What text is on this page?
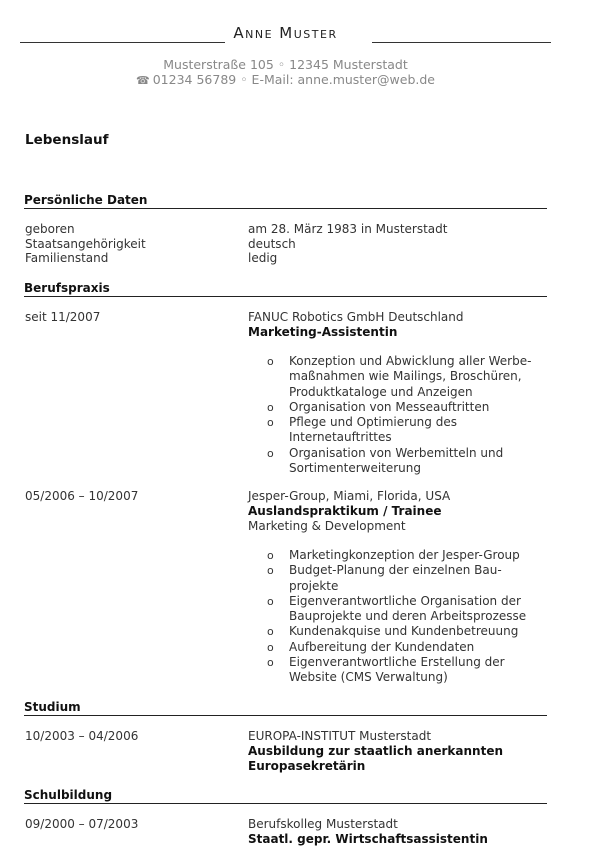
Anne Muster
Musterstraße 105 ◦ 12345 Musterstadt
☎ 01234 56789 ◦ E-Mail: anne.muster@web.de
Lebenslauf
Persönliche Daten
geboren	am 28. März 1983 in Musterstadt
Staatsangehörigkeit	deutsch
Familienstand	ledig
Berufspraxis
seit 11/2007	FANUC Robotics GmbH Deutschland
Marketing-Assistentin
o Konzeption und Abwicklung aller Werbe-
maßnahmen wie Mailings, Broschüren,
Produktkataloge und Anzeigen
o Organisation von Messeauftritten
o Pflege und Optimierung des
Internetauftrittes
o Organisation von Werbemitteln und
Sortimenterweiterung
05/2006 – 10/2007	Jesper-Group, Miami, Florida, USA
Auslandspraktikum / Trainee
Marketing & Development
o Marketingkonzeption der Jesper-Group
o Budget-Planung der einzelnen Bau-
projekte
o Eigenverantwortliche Organisation der
Bauprojekte und deren Arbeitsprozesse
o Kundenakquise und Kundenbetreuung
o Aufbereitung der Kundendaten
o Eigenverantwortliche Erstellung der
Website (CMS Verwaltung)
Studium
10/2003 – 04/2006	EUROPA-INSTITUT Musterstadt
Ausbildung zur staatlich anerkannten
Europasekretärin
Schulbildung
09/2000 – 07/2003	Berufskolleg Musterstadt
Staatl. gepr. Wirtschaftsassistentin
